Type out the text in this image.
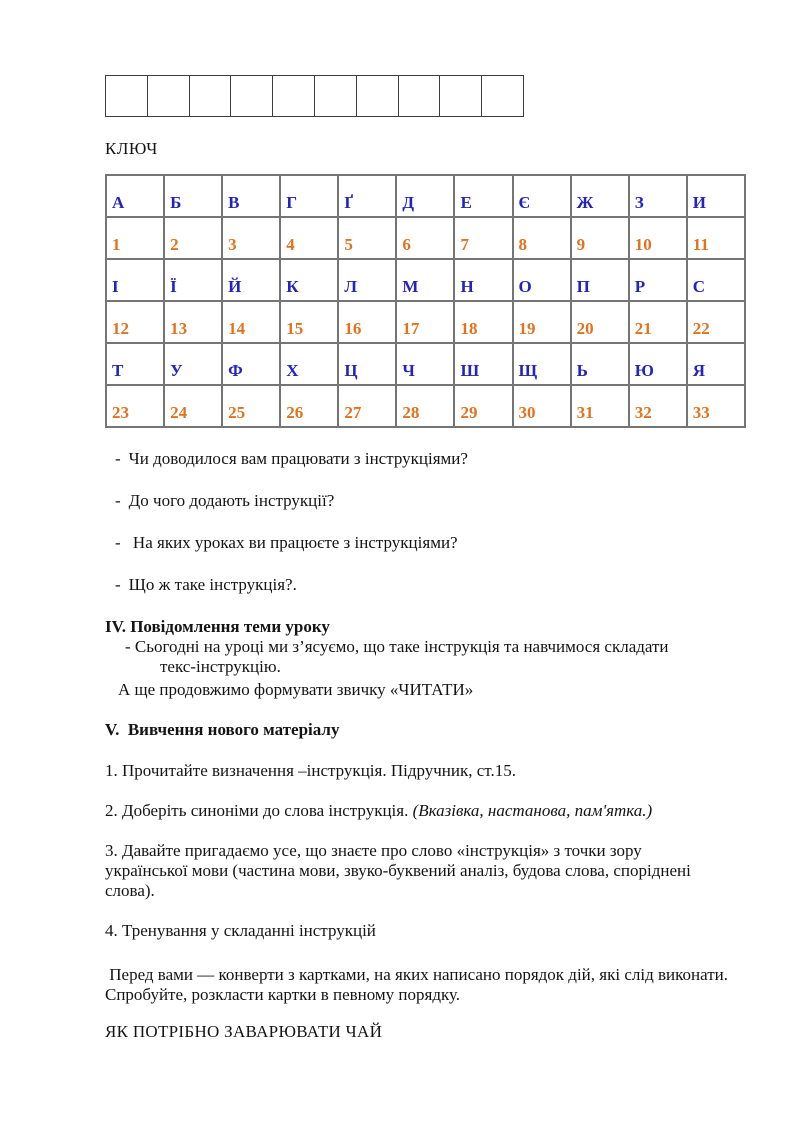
КЛЮЧ
А	Б	В	Г	Ґ	Д	Е	Є	Ж	З	И
1	2	3	4	5	6	7	8	9	10	11
І	Ї	Й	К	Л	М	Н	О	П	Р	С
12	13	14	15	16	17	18	19	20	21	22
Т	У	Ф	Х	Ц	Ч	Ш	Щ	Ь	Ю	Я
23	24	25	26	27	28	29	30	31	32	33
- Чи доводилося вам працювати з інструкціями?
- До чого додають інструкції?
- На яких уроках ви працюєте з інструкціями?
- Що ж таке інструкція?.
IV. Повідомлення теми уроку
- Сьогодні на уроці ми з’ясуємо, що таке інструкція та навчимося складати
текс-інструкцію.
А ще продовжимо формувати звичку «ЧИТАТИ»
V.  Вивчення нового матеріалу
1. Прочитайте визначення –інструкція. Підручник, ст.15.
2. Доберіть синоніми до слова інструкція. (Вказівка, настанова, пам'ятка.)
3. Давайте пригадаємо усе, що знаєте про слово «інструкція» з точки зору української мови (частина мови, звуко-буквений аналіз, будова слова, споріднені слова).
4. Тренування у складанні інструкцій
Перед вами — конверти з картками, на яких написано порядок дій, які слід виконати. Спробуйте, розкласти картки в певному порядку.
ЯК ПОТРІБНО ЗАВАРЮВАТИ ЧАЙ
